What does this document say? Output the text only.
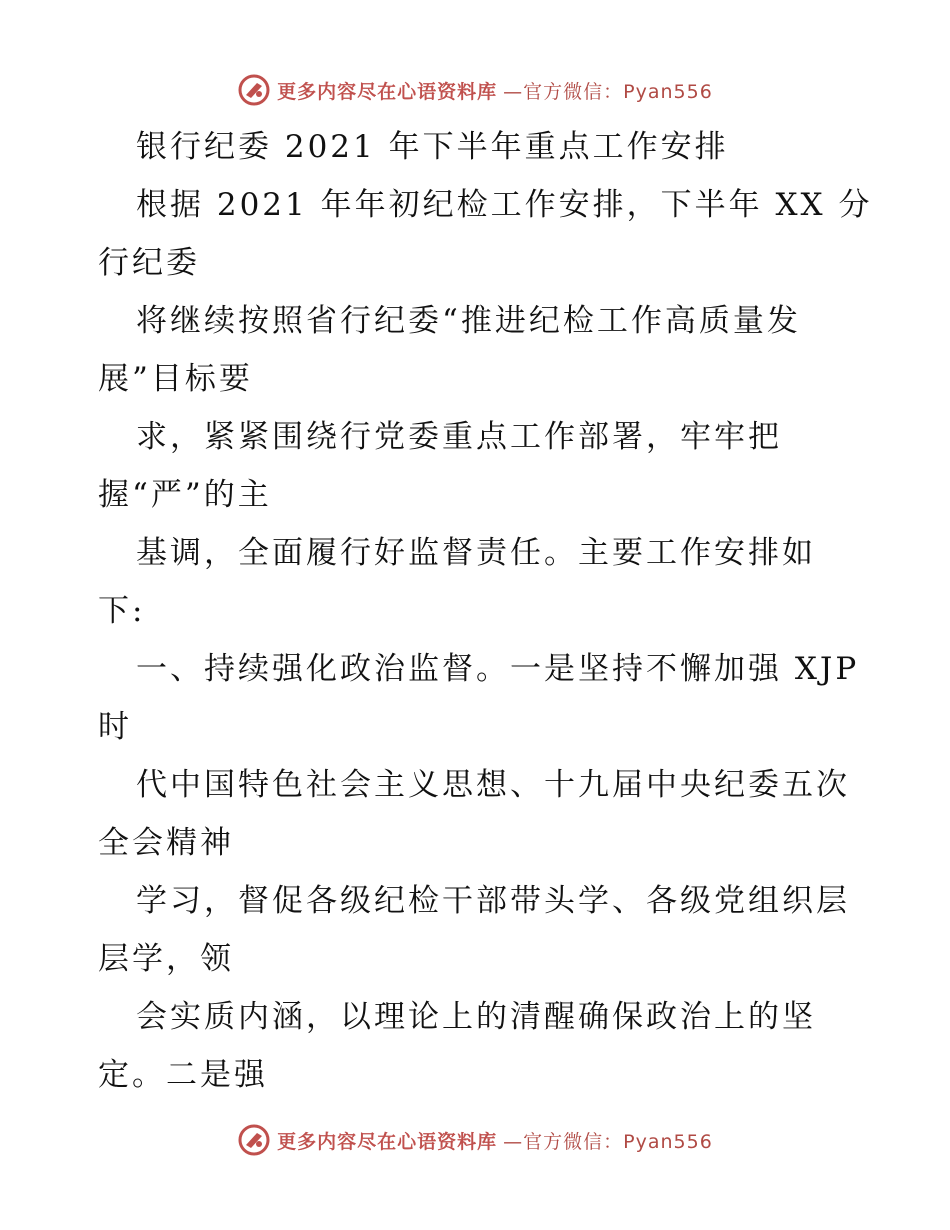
更多内容尽在心语资料库 —官方微信：Pyan556
银行纪委 2021 年下半年重点工作安排
根据 2021 年年初纪检工作安排，下半年 XX 分
行纪委
将继续按照省行纪委“推进纪检工作高质量发
展”目标要
求，紧紧围绕行党委重点工作部署，牢牢把
握“严”的主
基调，全面履行好监督责任。主要工作安排如
下:
一、持续强化政治监督。一是坚持不懈加强 XJP
时
代中国特色社会主义思想、十九届中央纪委五次
全会精神
学习，督促各级纪检干部带头学、各级党组织层
层学，领
会实质内涵，以理论上的清醒确保政治上的坚
定。二是强
更多内容尽在心语资料库 —官方微信：Pyan556
